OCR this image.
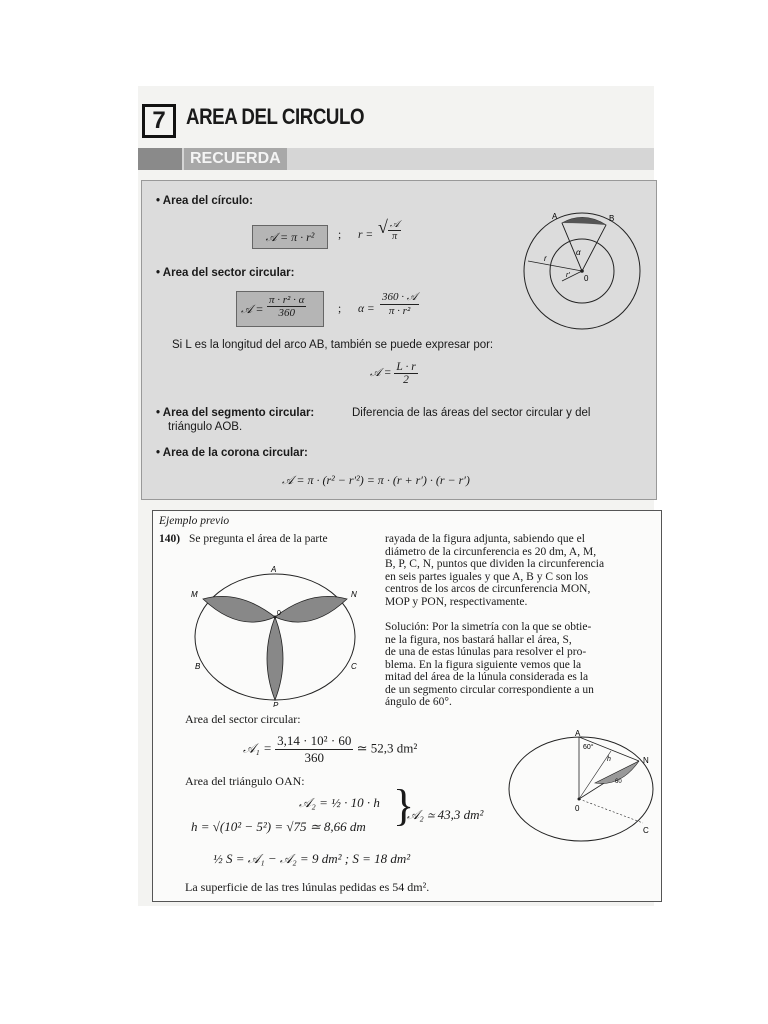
7 AREA DEL CIRCULO
RECUERDA
• Area del círculo:
𝒜 = π · r²	; r = √ $\frac{\text{𝒜}}{\pi}$
• Area del sector circular:
𝒜 = $\frac{\text{π · r² · α}}{360}$	; $\alpha = \frac{\text{360 · 𝒜}}{\text{π · r²}}$
Si L es la longitud del arco AB, también se puede expresar por:
𝒜 = $\frac{L \cdot r}{2}$
• Area del segmento circular:	Diferencia de las áreas del sector circular y del
triángulo AOB.
• Area de la corona circular:
𝒜 = π · (r² − r′²) = π · (r + r′) · (r − r′)
A	B
α
r
r′ 0
Ejemplo previo
140) Se pregunta el área de la parte	rayada de la figura adjunta, sabiendo que el
diámetro de la circunferencia es 20 dm, A, M,
B, P, C, N, puntos que dividen la circunferencia
en seis partes iguales y que A, B y C son los
centros de los arcos de circunferencia MON,
MOP y PON, respectivamente.
Solución: Por la simetría con la que se obtie-
ne la figura, nos bastará hallar el área, S,
de una de estas lúnulas para resolver el pro-
blema. En la figura siguiente vemos que la
mitad del área de la lúnula considerada es la
de un segmento circular correspondiente a un
ángulo de 60°.
A
M	N
B	C
P
0
Area del sector circular:
𝒜₁ = $\frac{\text{3,14 · 10² · 60}}{360}$ ≃ 52,3 dm²
Area del triángulo OAN:
𝒜₂ = ½ · 10 · h
h = √(10² − 5²) = √75 ≃ 8,66 dm }
𝒜₂ ≃ 43,3 dm²
½ S = 𝒜₁ − 𝒜₂ = 9 dm² ; S = 18 dm²
La superficie de las tres lúnulas pedidas es 54 dm².
A
N
C
0
60°
h
60
